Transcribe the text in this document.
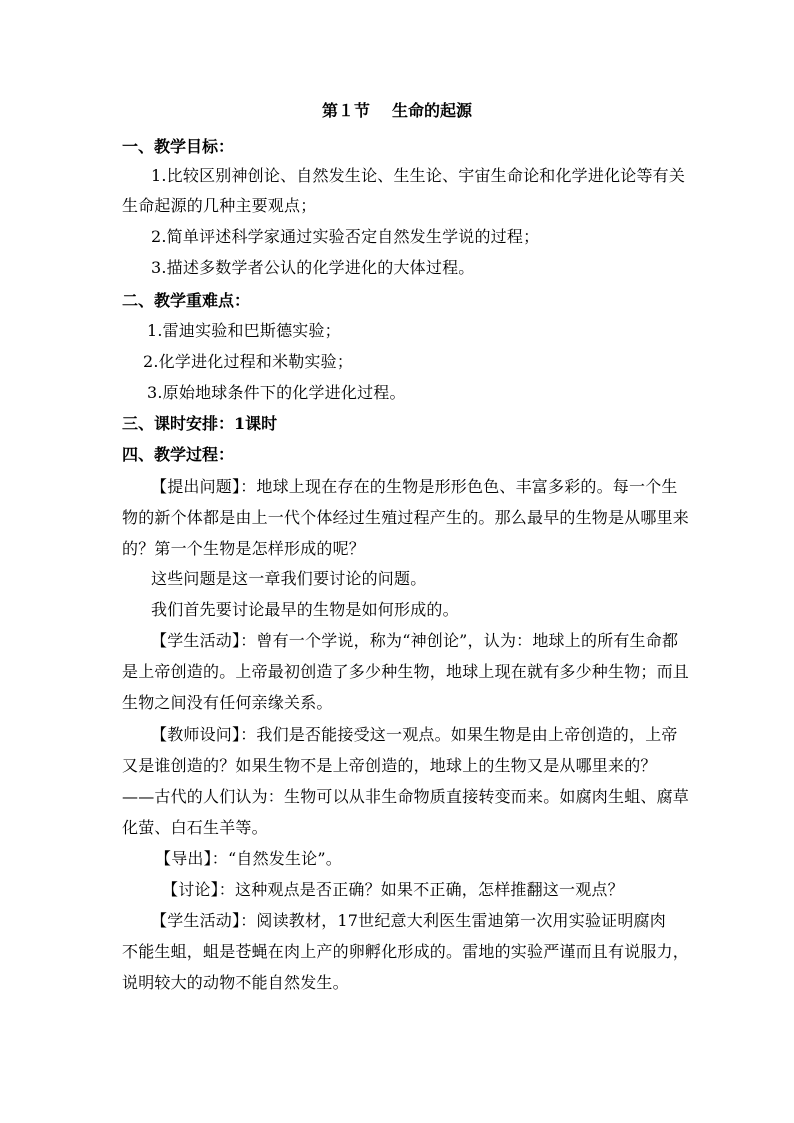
第１节 生命的起源
一、教学目标：
1.比较区别神创论、自然发生论、生生论、宇宙生命论和化学进化论等有关
生命起源的几种主要观点；
2.简单评述科学家通过实验否定自然发生学说的过程；
3.描述多数学者公认的化学进化的大体过程。
二、教学重难点：
1.雷迪实验和巴斯德实验；
2.化学进化过程和米勒实验；
3.原始地球条件下的化学进化过程。
三、课时安排：1课时
四、教学过程：
【提出问题】：地球上现在存在的生物是形形色色、丰富多彩的。每一个生
物的新个体都是由上一代个体经过生殖过程产生的。那么最早的生物是从哪里来
的？第一个生物是怎样形成的呢？
这些问题是这一章我们要讨论的问题。
我们首先要讨论最早的生物是如何形成的。
【学生活动】：曾有一个学说，称为“神创论”，认为：地球上的所有生命都
是上帝创造的。上帝最初创造了多少种生物，地球上现在就有多少种生物；而且
生物之间没有任何亲缘关系。
【教师设问】：我们是否能接受这一观点。如果生物是由上帝创造的，上帝
又是谁创造的？如果生物不是上帝创造的，地球上的生物又是从哪里来的？
——古代的人们认为：生物可以从非生命物质直接转变而来。如腐肉生蛆、腐草
化萤、白石生羊等。
【导出】：“自然发生论”。
【讨论】：这种观点是否正确？如果不正确，怎样推翻这一观点？
【学生活动】：阅读教材，17世纪意大利医生雷迪第一次用实验证明腐肉
不能生蛆，蛆是苍蝇在肉上产的卵孵化形成的。雷地的实验严谨而且有说服力，
说明较大的动物不能自然发生。
